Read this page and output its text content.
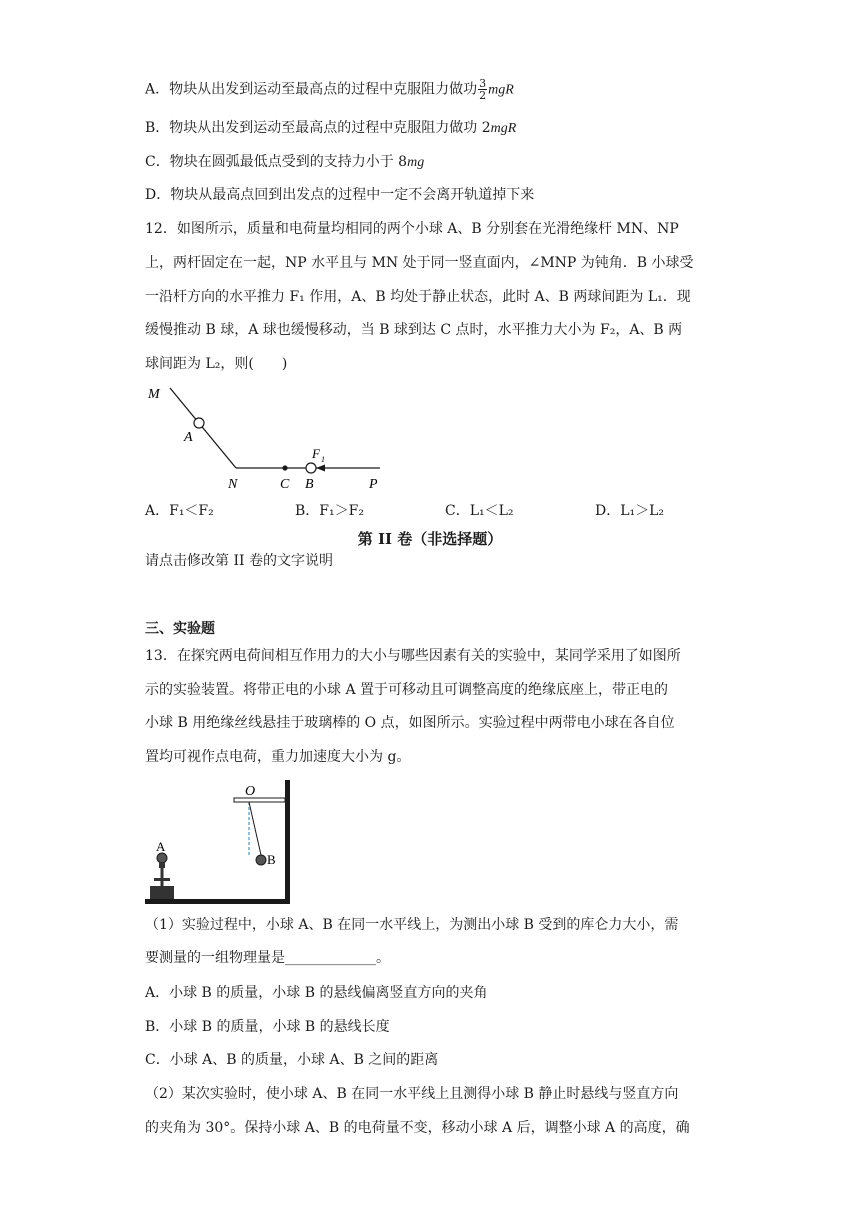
A．物块从出发到运动至最高点的过程中克服阻力做功 $\frac{3}{2}$ mgR
B．物块从出发到运动至最高点的过程中克服阻力做功 2mgR
C．物块在圆弧最低点受到的支持力小于 8mg
D．物块从最高点回到出发点的过程中一定不会离开轨道掉下来
12．如图所示，质量和电荷量均相同的两个小球 A、B 分别套在光滑绝缘杆 MN、NP
上，两杆固定在一起，NP 水平且与 MN 处于同一竖直面内，∠MNP 为钝角．B 小球受
一沿杆方向的水平推力 F₁ 作用，A、B 均处于静止状态，此时 A、B 两球间距为 L₁．现
缓慢推动 B 球，A 球也缓慢移动，当 B 球到达 C 点时，水平推力大小为 F₂，A、B 两
球间距为 L₂，则(　　)
M
A
N	C B	P
F 1
A．F₁＜F₂	B．F₁＞F₂	C．L₁＜L₂	D．L₁＞L₂
第 II 卷（非选择题）
请点击修改第 II 卷的文字说明
三、实验题
13．在探究两电荷间相互作用力的大小与哪些因素有关的实验中，某同学采用了如图所
示的实验装置。将带正电的小球 A 置于可移动且可调整高度的绝缘底座上，带正电的
小球 B 用绝缘丝线悬挂于玻璃棒的 O 点，如图所示。实验过程中两带电小球在各自位
置均可视作点电荷，重力加速度大小为 g。
O
A
B
（1）实验过程中，小球 A、B 在同一水平线上，为测出小球 B 受到的库仑力大小，需
要测量的一组物理量是_____________。
A．小球 B 的质量，小球 B 的悬线偏离竖直方向的夹角
B．小球 B 的质量，小球 B 的悬线长度
C．小球 A、B 的质量，小球 A、B 之间的距离
（2）某次实验时，使小球 A、B 在同一水平线上且测得小球 B 静止时悬线与竖直方向
的夹角为 30°。保持小球 A、B 的电荷量不变，移动小球 A 后，调整小球 A 的高度，确
